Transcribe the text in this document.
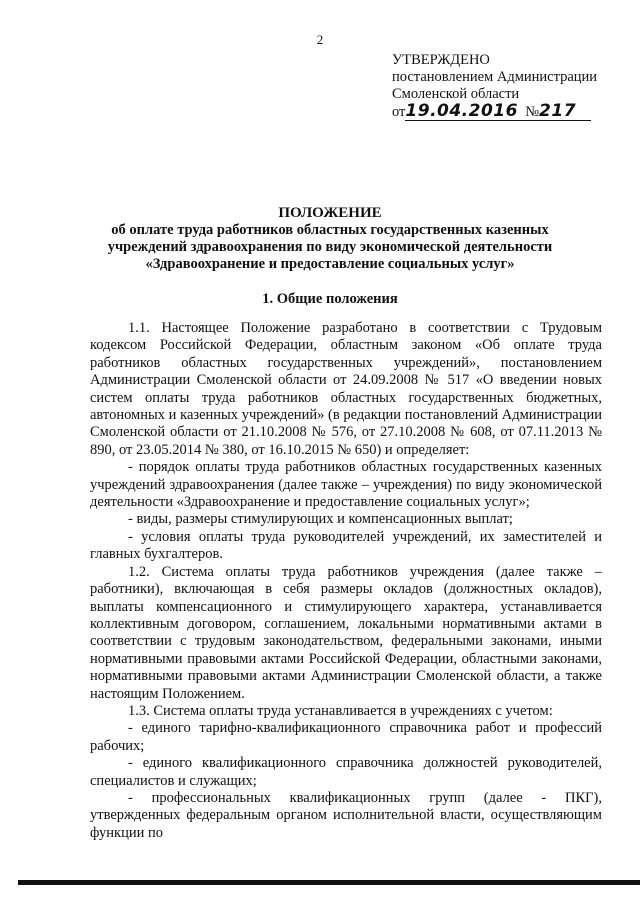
2
УТВЕРЖДЕНО
постановлением Администрации
Смоленской области
от19.04.2016 №217
ПОЛОЖЕНИЕ
об оплате труда работников областных государственных казенных
учреждений здравоохранения по виду экономической деятельности
«Здравоохранение и предоставление социальных услуг»
1. Общие положения

1.1. Настоящее Положение разработано в соответствии с Трудовым кодексом Российской Федерации, областным законом «Об оплате труда работников областных государственных учреждений», постановлением Администрации Смоленской области от 24.09.2008 № 517 «О введении новых систем оплаты труда работников областных государственных бюджетных, автономных и казенных учреждений» (в редакции постановлений Администрации Смоленской области от 21.10.2008 № 576, от 27.10.2008 № 608, от 07.11.2013 № 890, от 23.05.2014 № 380, от 16.10.2015 № 650) и определяет:

- порядок оплаты труда работников областных государственных казенных учреждений здравоохранения (далее также – учреждения) по виду экономической деятельности «Здравоохранение и предоставление социальных услуг»;

- виды, размеры стимулирующих и компенсационных выплат;

- условия оплаты труда руководителей учреждений, их заместителей и главных бухгалтеров.

1.2. Система оплаты труда работников учреждения (далее также – работники), включающая в себя размеры окладов (должностных окладов), выплаты компенсационного и стимулирующего характера, устанавливается коллективным договором, соглашением, локальными нормативными актами в соответствии с трудовым законодательством, федеральными законами, иными нормативными правовыми актами Российской Федерации, областными законами, нормативными правовыми актами Администрации Смоленской области, а также настоящим Положением.

1.3. Система оплаты труда устанавливается в учреждениях с учетом:

- единого тарифно-квалификационного справочника работ и профессий рабочих;

- единого квалификационного справочника должностей руководителей, специалистов и служащих;

- профессиональных квалификационных групп (далее - ПКГ), утвержденных федеральным органом исполнительной власти, осуществляющим функции по
